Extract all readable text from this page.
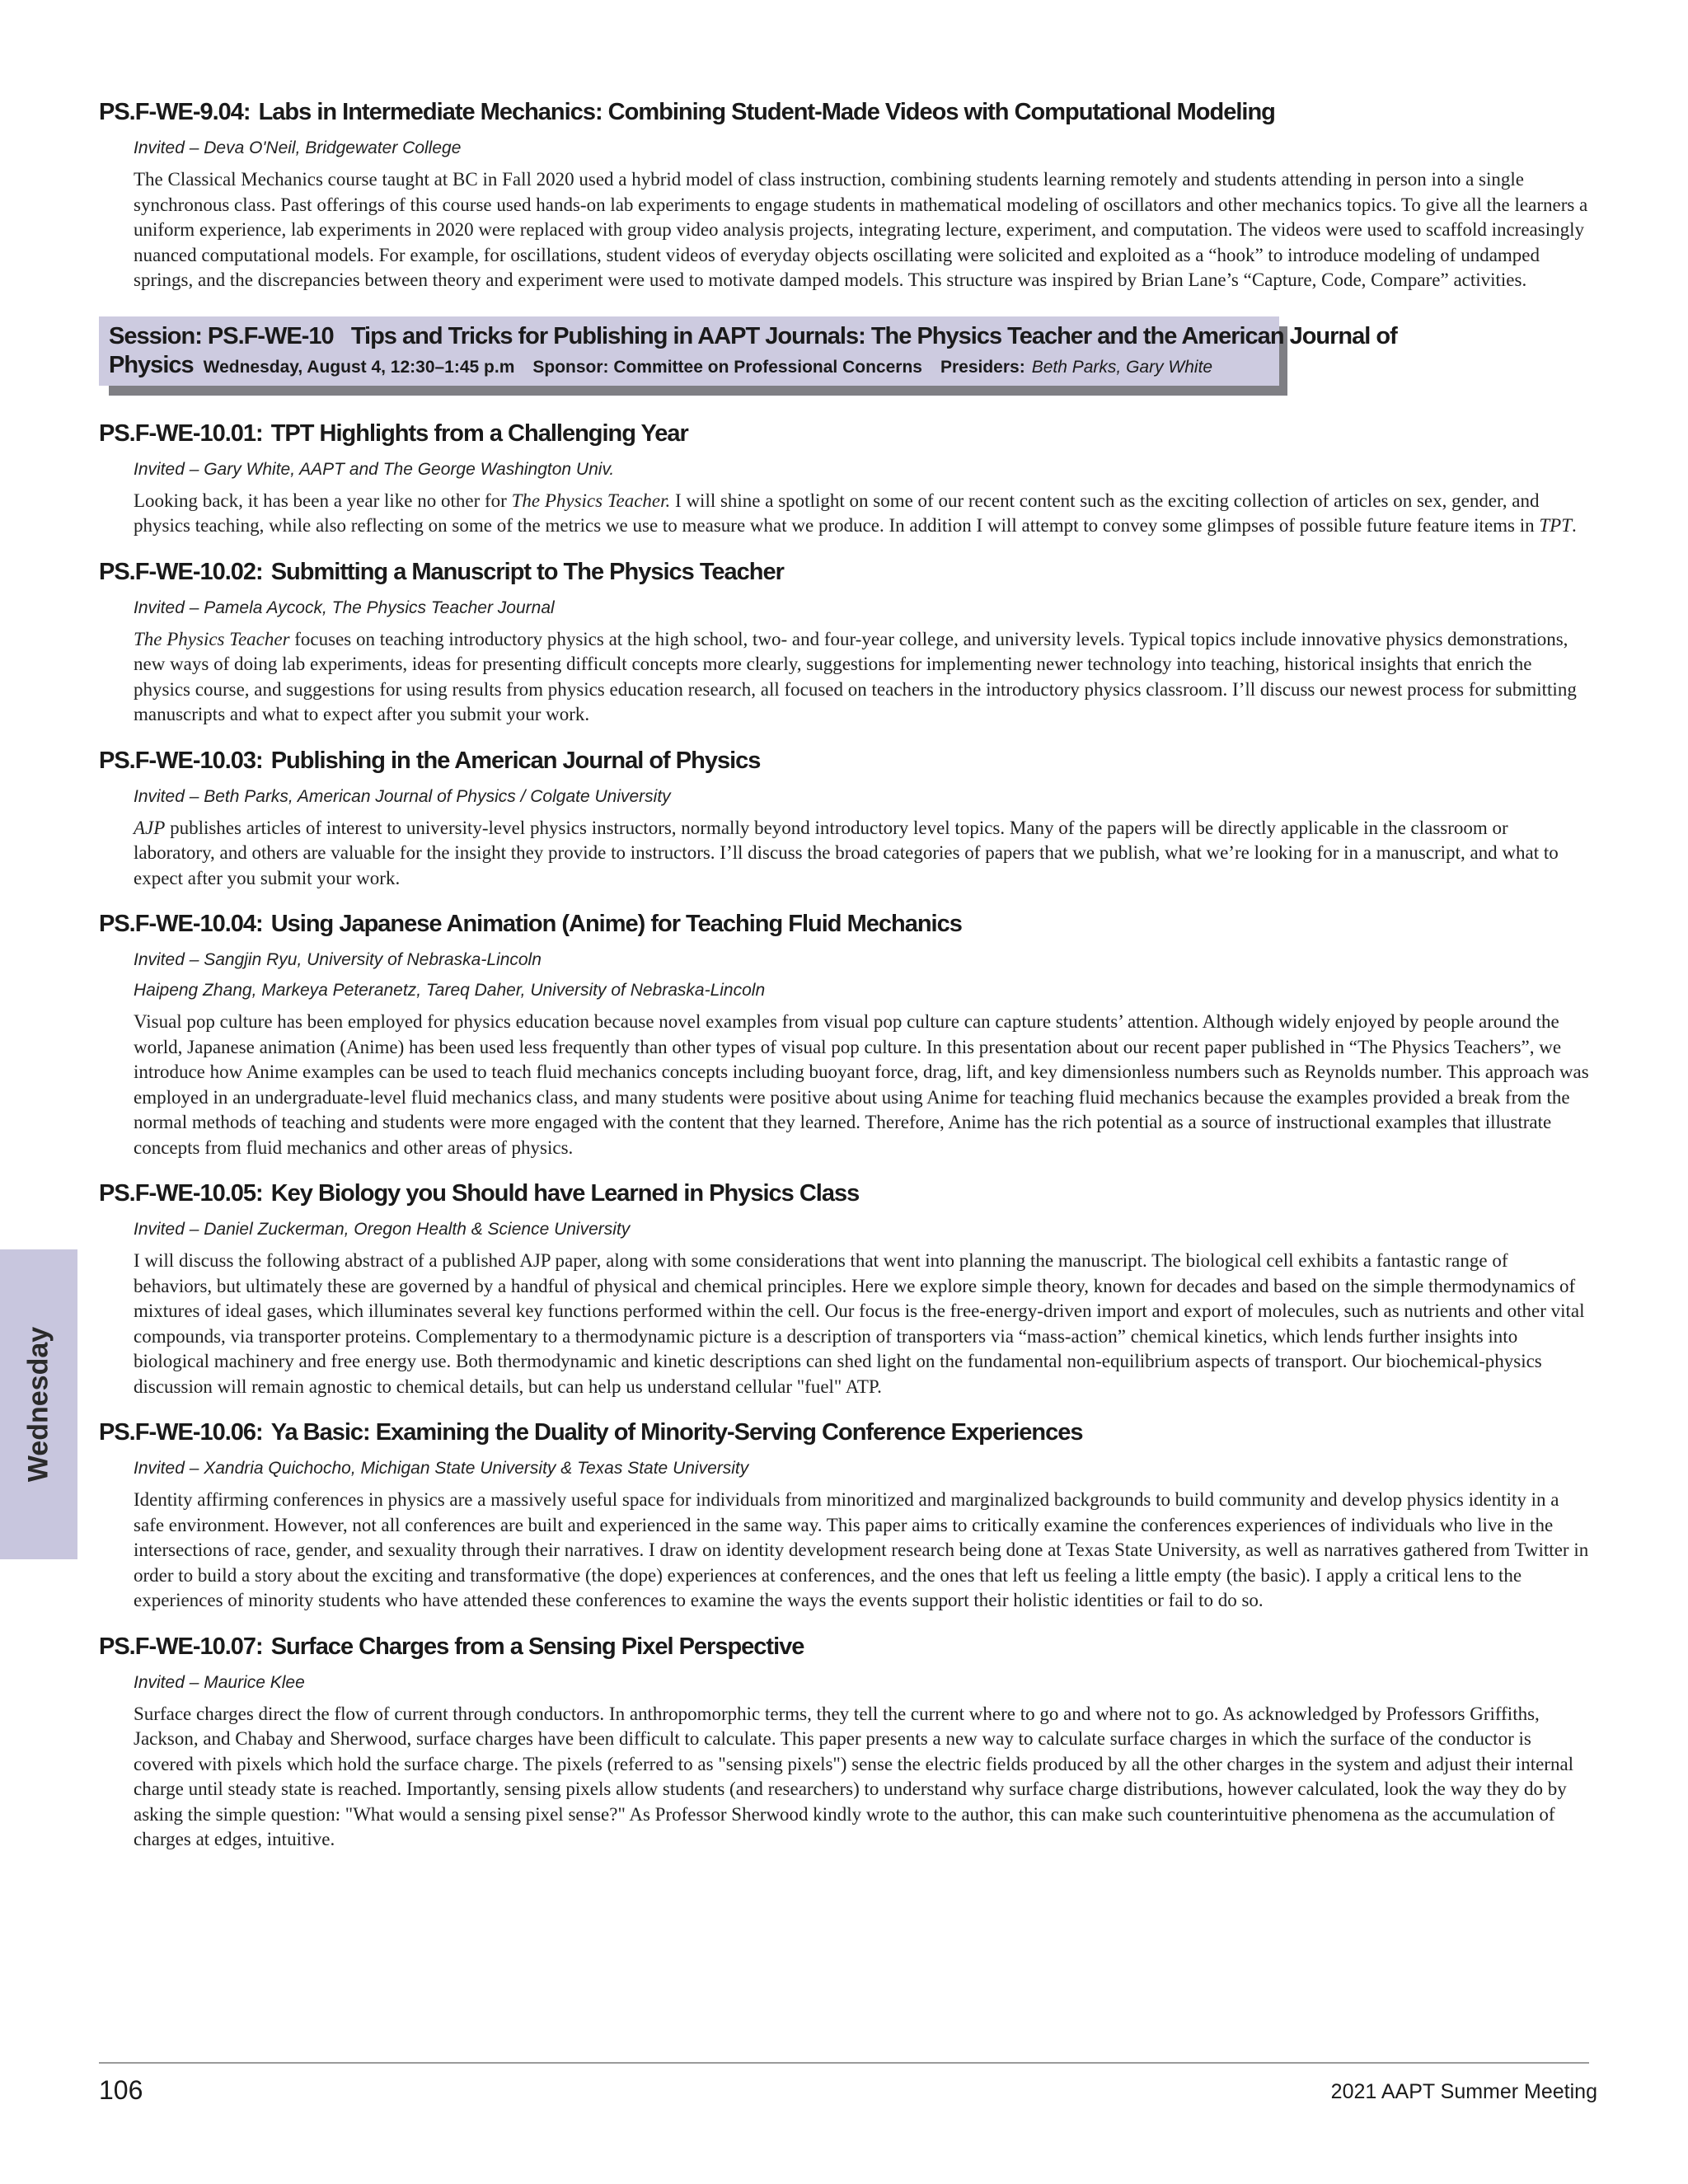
PS.F-WE-9.04: Labs in Intermediate Mechanics: Combining Student-Made Videos with Computational Modeling
Invited – Deva O'Neil, Bridgewater College
The Classical Mechanics course taught at BC in Fall 2020 used a hybrid model of class instruction, combining students learning remotely and students attending in person into a single synchronous class. Past offerings of this course used hands-on lab experiments to engage students in mathematical modeling of oscillators and other mechanics topics. To give all the learners a uniform experience, lab experiments in 2020 were replaced with group video analysis projects, integrating lecture, experiment, and computation. The videos were used to scaffold increasingly nuanced computational models. For example, for oscillations, student videos of everyday objects oscillating were solicited and exploited as a “hook” to introduce modeling of undamped springs, and the discrepancies between theory and experiment were used to motivate damped models. This structure was inspired by Brian Lane’s “Capture, Code, Compare” activities.
Session: PS.F-WE-10 Tips and Tricks for Publishing in AAPT Journals: The Physics Teacher and the American Journal of
Physics Wednesday, August 4, 12:30–1:45 p.m Sponsor: Committee on Professional Concerns Presiders: Beth Parks, Gary White
PS.F-WE-10.01: TPT Highlights from a Challenging Year
Invited – Gary White, AAPT and The George Washington Univ.
Looking back, it has been a year like no other for The Physics Teacher. I will shine a spotlight on some of our recent content such as the exciting collection of articles on sex, gender, and physics teaching, while also reflecting on some of the metrics we use to measure what we produce. In addition I will attempt to convey some glimpses of possible future feature items in TPT.
PS.F-WE-10.02: Submitting a Manuscript to The Physics Teacher
Invited – Pamela Aycock, The Physics Teacher Journal
The Physics Teacher focuses on teaching introductory physics at the high school, two- and four-year college, and university levels. Typical topics include innovative physics demonstrations, new ways of doing lab experiments, ideas for presenting difficult concepts more clearly, suggestions for implementing newer technology into teaching, historical insights that enrich the physics course, and suggestions for using results from physics education research, all focused on teachers in the introductory physics classroom. I’ll discuss our newest process for submitting manuscripts and what to expect after you submit your work.
PS.F-WE-10.03: Publishing in the American Journal of Physics
Invited – Beth Parks, American Journal of Physics / Colgate University
AJP publishes articles of interest to university-level physics instructors, normally beyond introductory level topics. Many of the papers will be directly applicable in the classroom or laboratory, and others are valuable for the insight they provide to instructors. I’ll discuss the broad categories of papers that we publish, what we’re looking for in a manuscript, and what to expect after you submit your work.
PS.F-WE-10.04: Using Japanese Animation (Anime) for Teaching Fluid Mechanics
Invited – Sangjin Ryu, University of Nebraska-Lincoln
Haipeng Zhang, Markeya Peteranetz, Tareq Daher, University of Nebraska-Lincoln
Visual pop culture has been employed for physics education because novel examples from visual pop culture can capture students’ attention. Although widely enjoyed by people around the world, Japanese animation (Anime) has been used less frequently than other types of visual pop culture. In this presentation about our recent paper published in “The Physics Teachers”, we introduce how Anime examples can be used to teach fluid mechanics concepts including buoyant force, drag, lift, and key dimensionless numbers such as Reynolds number. This approach was employed in an undergraduate-level fluid mechanics class, and many students were positive about using Anime for teaching fluid mechanics because the examples provided a break from the normal methods of teaching and students were more engaged with the content that they learned. Therefore, Anime has the rich potential as a source of instructional examples that illustrate concepts from fluid mechanics and other areas of physics.
PS.F-WE-10.05: Key Biology you Should have Learned in Physics Class
Invited – Daniel Zuckerman, Oregon Health & Science University
I will discuss the following abstract of a published AJP paper, along with some considerations that went into planning the manuscript. The biological cell exhibits a fantastic range of behaviors, but ultimately these are governed by a handful of physical and chemical principles. Here we explore simple theory, known for decades and based on the simple thermodynamics of mixtures of ideal gases, which illuminates several key functions performed within the cell. Our focus is the free-energy-driven import and export of molecules, such as nutrients and other vital compounds, via transporter proteins. Complementary to a thermodynamic picture is a description of transporters via “mass-action” chemical kinetics, which lends further insights into biological machinery and free energy use. Both thermodynamic and kinetic descriptions can shed light on the fundamental non-equilibrium aspects of transport. Our biochemical-physics discussion will remain agnostic to chemical details, but can help us understand cellular "fuel" ATP.
PS.F-WE-10.06: Ya Basic: Examining the Duality of Minority-Serving Conference Experiences
Invited – Xandria Quichocho, Michigan State University & Texas State University
Identity affirming conferences in physics are a massively useful space for individuals from minoritized and marginalized backgrounds to build community and develop physics identity in a safe environment. However, not all conferences are built and experienced in the same way. This paper aims to critically examine the conferences experiences of individuals who live in the intersections of race, gender, and sexuality through their narratives. I draw on identity development research being done at Texas State University, as well as narratives gathered from Twitter in order to build a story about the exciting and transformative (the dope) experiences at conferences, and the ones that left us feeling a little empty (the basic). I apply a critical lens to the experiences of minority students who have attended these conferences to examine the ways the events support their holistic identities or fail to do so.
PS.F-WE-10.07: Surface Charges from a Sensing Pixel Perspective
Invited – Maurice Klee
Surface charges direct the flow of current through conductors. In anthropomorphic terms, they tell the current where to go and where not to go. As acknowledged by Professors Griffiths, Jackson, and Chabay and Sherwood, surface charges have been difficult to calculate. This paper presents a new way to calculate surface charges in which the surface of the conductor is covered with pixels which hold the surface charge. The pixels (referred to as "sensing pixels") sense the electric fields produced by all the other charges in the system and adjust their internal charge until steady state is reached. Importantly, sensing pixels allow students (and researchers) to understand why surface charge distributions, however calculated, look the way they do by asking the simple question: "What would a sensing pixel sense?" As Professor Sherwood kindly wrote to the author, this can make such counterintuitive phenomena as the accumulation of charges at edges, intuitive.
Wednesday
106	2021 AAPT Summer Meeting
